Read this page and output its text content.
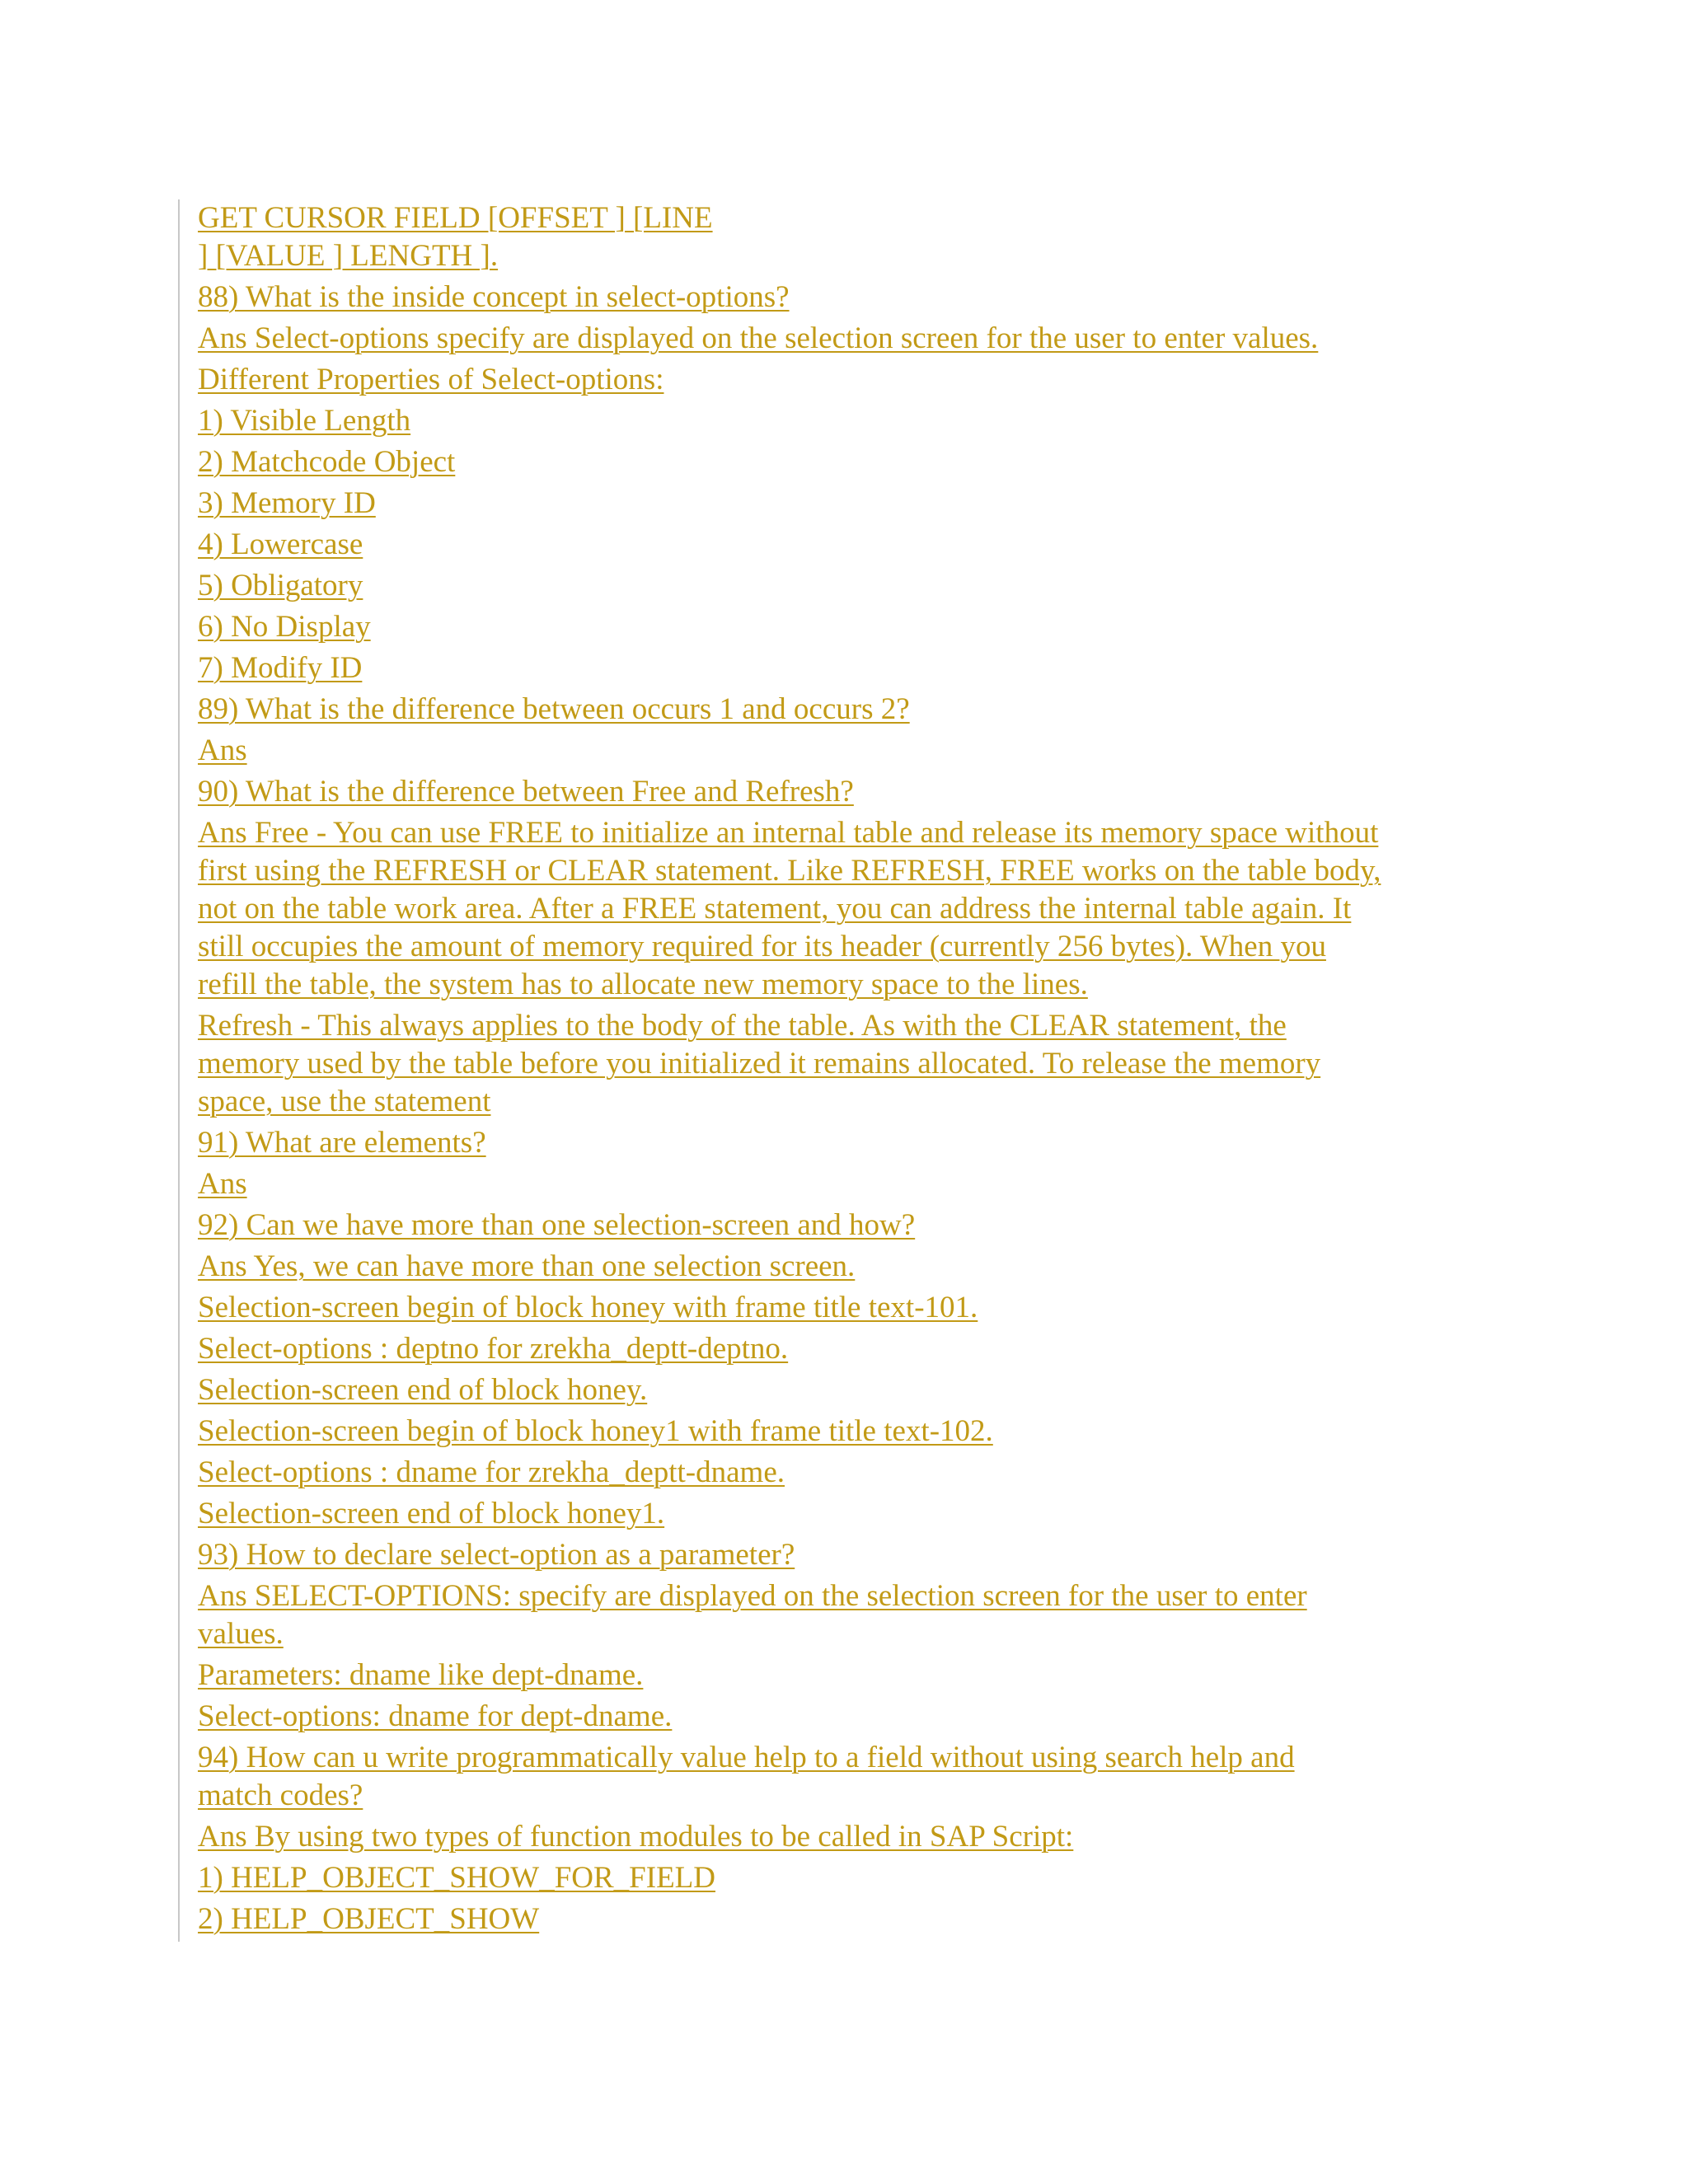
GET CURSOR FIELD [OFFSET ] [LINE
] [VALUE ] LENGTH ].
88) What is the inside concept in select-options?
Ans Select-options specify are displayed on the selection screen for the user to enter values.
Different Properties of Select-options:
1) Visible Length
2) Matchcode Object
3) Memory ID
4) Lowercase
5) Obligatory
6) No Display
7) Modify ID
89) What is the difference between occurs 1 and occurs 2?
Ans
90) What is the difference between Free and Refresh?
Ans Free - You can use FREE to initialize an internal table and release its memory space without
first using the REFRESH or CLEAR statement. Like REFRESH, FREE works on the table body,
not on the table work area. After a FREE statement, you can address the internal table again. It
still occupies the amount of memory required for its header (currently 256 bytes). When you
refill the table, the system has to allocate new memory space to the lines.
Refresh - This always applies to the body of the table. As with the CLEAR statement, the
memory used by the table before you initialized it remains allocated. To release the memory
space, use the statement
91) What are elements?
Ans
92) Can we have more than one selection-screen and how?
Ans Yes, we can have more than one selection screen.
Selection-screen begin of block honey with frame title text-101.
Select-options : deptno for zrekha_deptt-deptno.
Selection-screen end of block honey.
Selection-screen begin of block honey1 with frame title text-102.
Select-options : dname for zrekha_deptt-dname.
Selection-screen end of block honey1.
93) How to declare select-option as a parameter?
Ans SELECT-OPTIONS: specify are displayed on the selection screen for the user to enter
values.
Parameters: dname like dept-dname.
Select-options: dname for dept-dname.
94) How can u write programmatically value help to a field without using search help and
match codes?
Ans By using two types of function modules to be called in SAP Script:
1) HELP_OBJECT_SHOW_FOR_FIELD
2) HELP_OBJECT_SHOW
